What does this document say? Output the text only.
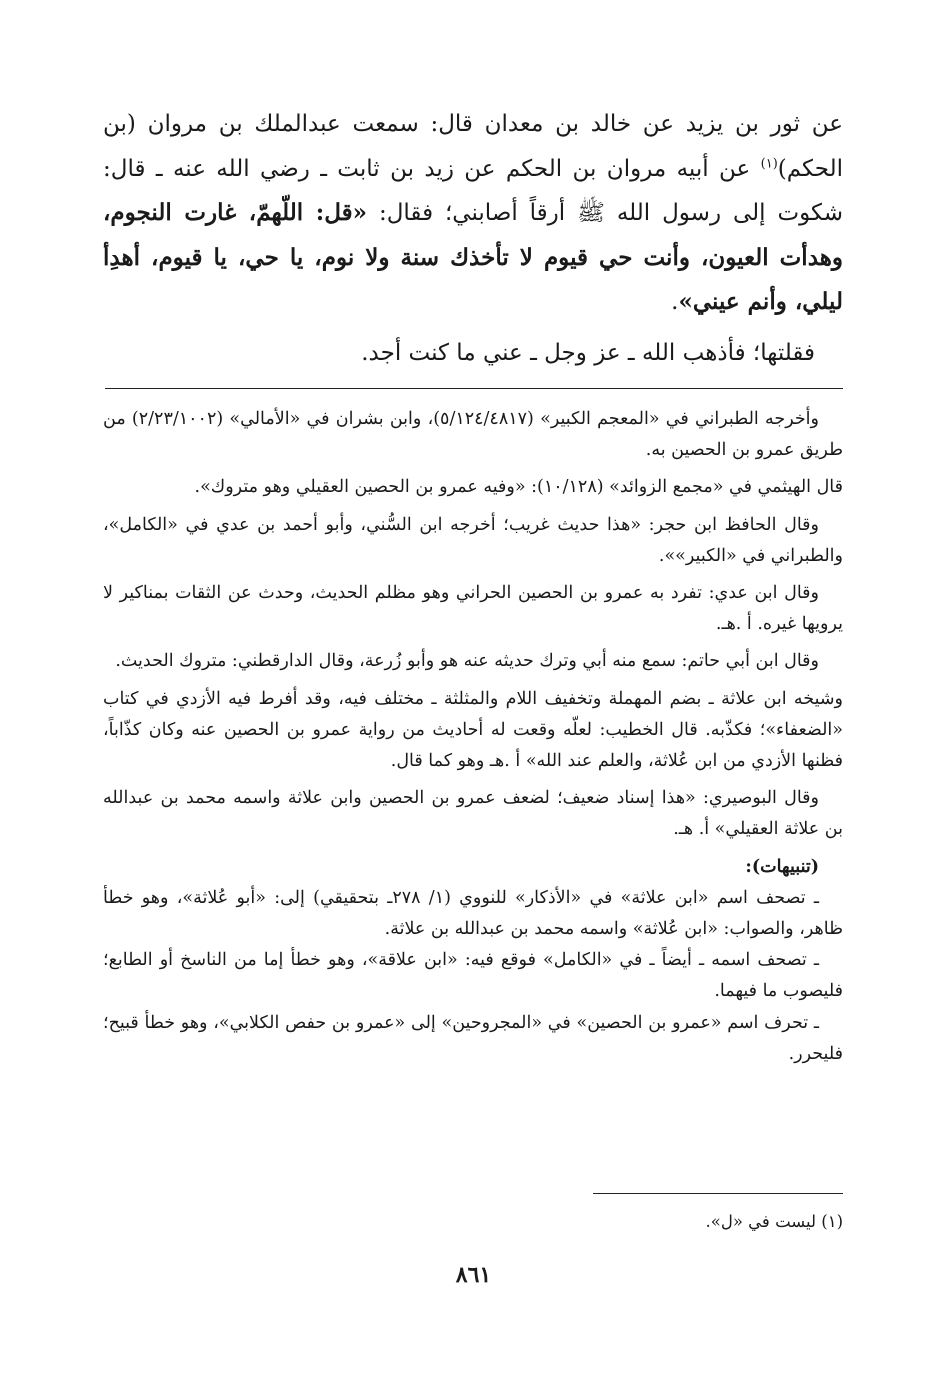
عن ثور بن يزيد عن خالد بن معدان قال: سمعت عبدالملك بن مروان (بن الحكم)$^{(١)}$ عن أبيه مروان بن الحكم عن زيد بن ثابت ـ رضي الله عنه ـ قال: شكوت إلى رسول الله ﷺ أرقاً أصابني؛ فقال: «قل: اللّهمّ، غارت النجوم، وهدأت العيون، وأنت حي قيوم لا تأخذك سنة ولا نوم، يا حي، يا قيوم، أهدِأ ليلي، وأنم عيني».

فقلتها؛ فأذهب الله ـ عز وجل ـ عني ما كنت أجد.

وأخرجه الطبراني في «المعجم الكبير» (٥/١٢٤/٤٨١٧)، وابن بشران في «الأمالي» (٢/٢٣/١٠٠٢) من طريق عمرو بن الحصين به.

قال الهيثمي في «مجمع الزوائد» (١٠/١٢٨): «وفيه عمرو بن الحصين العقيلي وهو متروك».

وقال الحافظ ابن حجر: «هذا حديث غريب؛ أخرجه ابن السُّني، وأبو أحمد بن عدي في «الكامل»، والطبراني في «الكبير»».

وقال ابن عدي: تفرد به عمرو بن الحصين الحراني وهو مظلم الحديث، وحدث عن الثقات بمناكير لا يرويها غيره. أ .هـ.

وقال ابن أبي حاتم: سمع منه أبي وترك حديثه عنه هو وأبو زُرعة، وقال الدارقطني: متروك الحديث.

وشيخه ابن علاثة ـ بضم المهملة وتخفيف اللام والمثلثة ـ مختلف فيه، وقد أفرط فيه الأزدي في كتاب «الضعفاء»؛ فكذّبه. قال الخطيب: لعلّه وقعت له أحاديث من رواية عمرو بن الحصين عنه وكان كذّاباً، فظنها الأزدي من ابن عُلاثة، والعلم عند الله» أ .هـ وهو كما قال.

وقال البوصيري: «هذا إسناد ضعيف؛ لضعف عمرو بن الحصين وابن علاثة واسمه محمد بن عبدالله بن علاثة العقيلي» أ. هـ.

(تنبيهات):

ـ تصحف اسم «ابن علاثة» في «الأذكار» للنووي (١/ ٢٧٨ـ بتحقيقي) إلى: «أبو عُلاثة»، وهو خطأ ظاهر، والصواب: «ابن عُلاثة» واسمه محمد بن عبدالله بن علاثة.

ـ تصحف اسمه ـ أيضاً ـ في «الكامل» فوقع فيه: «ابن علاقة»، وهو خطأ إما من الناسخ أو الطابع؛ فليصوب ما فيهما.

ـ تحرف اسم «عمرو بن الحصين» في «المجروحين» إلى «عمرو بن حفص الكلابي»، وهو خطأ قبيح؛ فليحرر.

(١) ليست في «ل».
٨٦١
